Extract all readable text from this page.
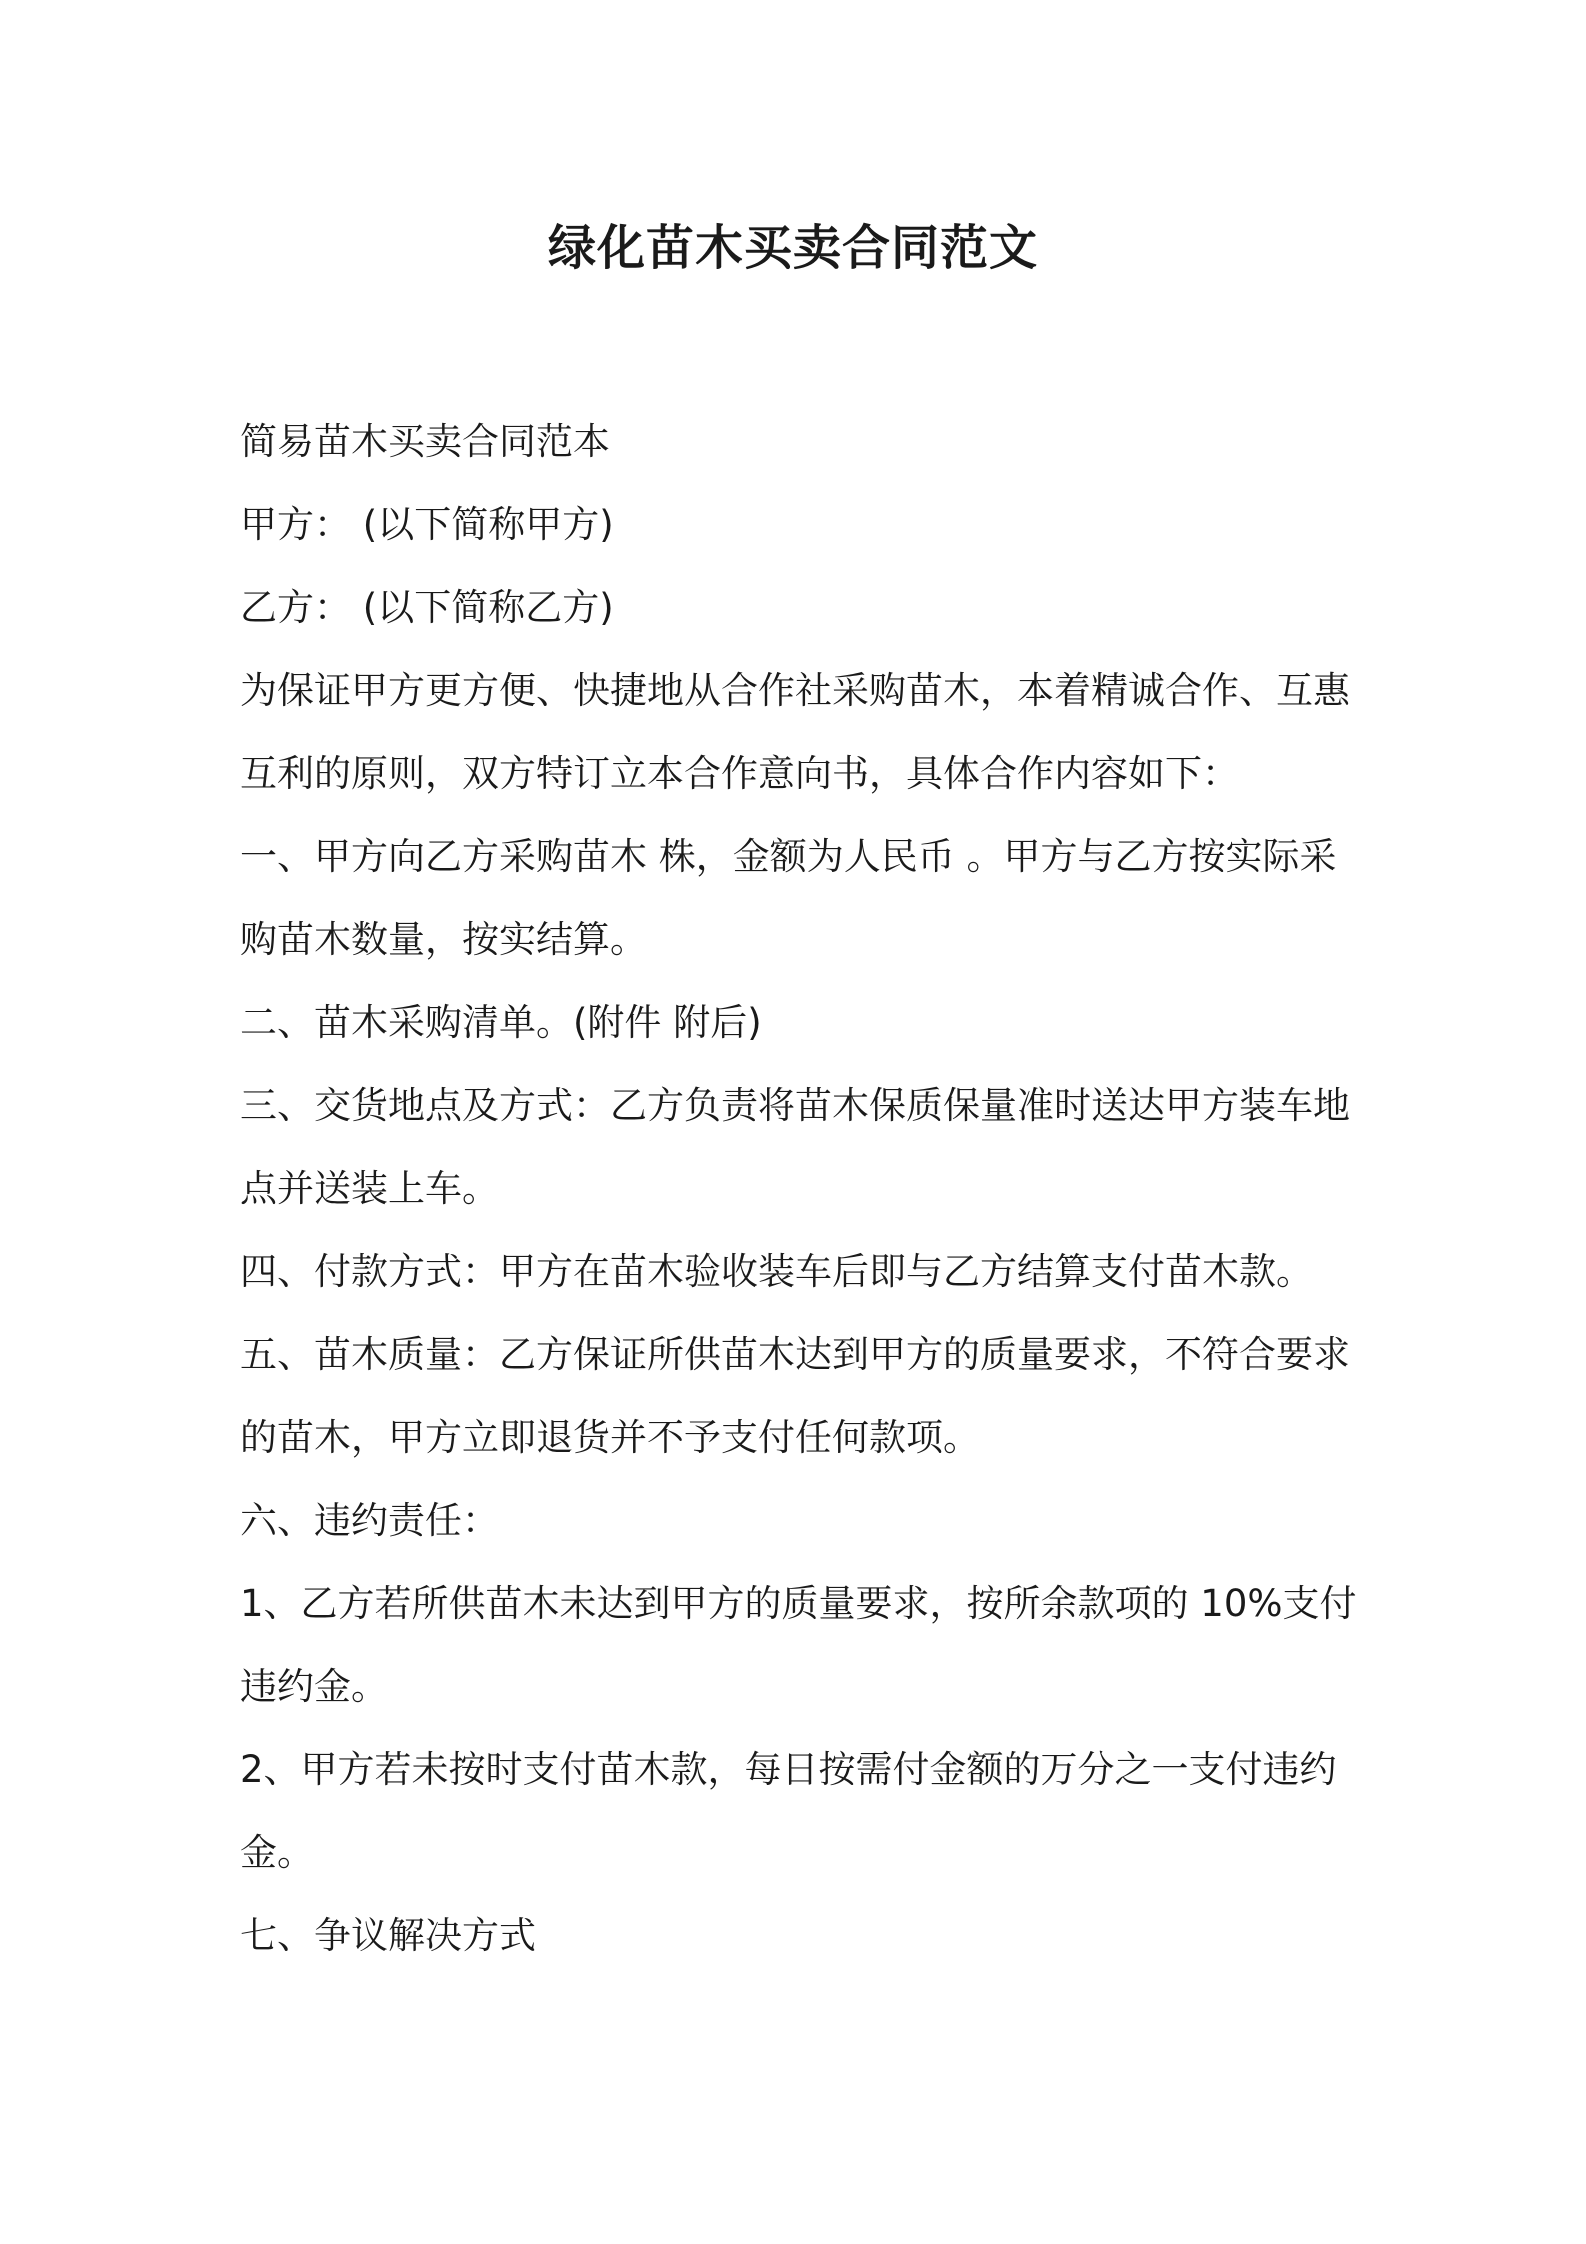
绿化苗木买卖合同范文
简易苗木买卖合同范本
甲方： (以下简称甲方)
乙方： (以下简称乙方)
为保证甲方更方便、快捷地从合作社采购苗木，本着精诚合作、互惠
互利的原则，双方特订立本合作意向书，具体合作内容如下：
一、甲方向乙方采购苗木 株，金额为人民币 。甲方与乙方按实际采
购苗木数量，按实结算。
二、苗木采购清单。(附件 附后)
三、交货地点及方式：乙方负责将苗木保质保量准时送达甲方装车地
点并送装上车。
四、付款方式：甲方在苗木验收装车后即与乙方结算支付苗木款。
五、苗木质量：乙方保证所供苗木达到甲方的质量要求，不符合要求
的苗木，甲方立即退货并不予支付任何款项。
六、违约责任：
1、乙方若所供苗木未达到甲方的质量要求，按所余款项的 10%支付
违约金。
2、甲方若未按时支付苗木款，每日按需付金额的万分之一支付违约
金。
七、争议解决方式
